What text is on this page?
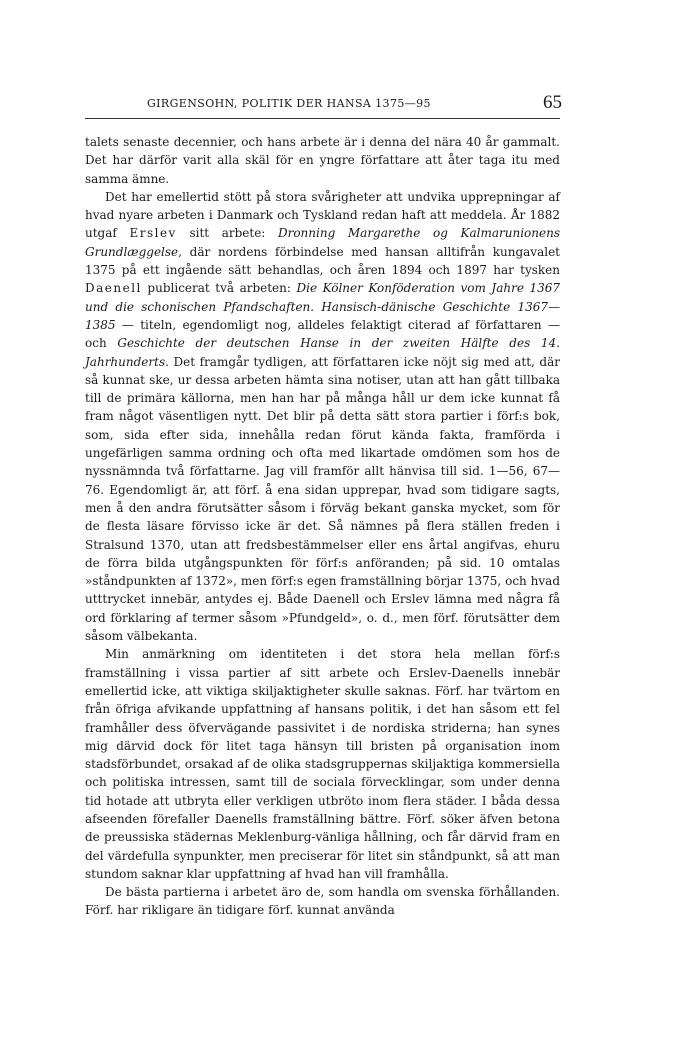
GIRGENSOHN, POLITIK DER HANSA 1375—95	65

talets senaste decennier, och hans arbete är i denna del nära 40 år gammalt. Det har därför varit alla skäl för en yngre författare att åter taga itu med samma ämne.

Det har emellertid stött på stora svårigheter att undvika upprepningar af hvad nyare arbeten i Danmark och Tyskland redan haft att meddela. År 1882 utgaf Erslev sitt arbete: Dronning Margarethe og Kalmarunionens Grundlæggelse, där nordens förbindelse med hansan alltifrån kungavalet 1375 på ett ingående sätt behandlas, och åren 1894 och 1897 har tysken Daenell publicerat två arbeten: Die Kölner Konföderation vom Jahre 1367 und die schonischen Pfandschaften. Hansisch-dänische Geschichte 1367—1385 — titeln, egendomligt nog, alldeles felaktigt citerad af författaren — och Geschichte der deutschen Hanse in der zweiten Hälfte des 14. Jahrhunderts. Det framgår tydligen, att författaren icke nöjt sig med att, där så kunnat ske, ur dessa arbeten hämta sina notiser, utan att han gått tillbaka till de primära källorna, men han har på många håll ur dem icke kunnat få fram något väsentligen nytt. Det blir på detta sätt stora partier i förf:s bok, som, sida efter sida, innehålla redan förut kända fakta, framförda i ungefärligen samma ordning och ofta med likartade omdömen som hos de nyssnämnda två författarne. Jag vill framför allt hänvisa till sid. 1—56, 67—76. Egendomligt är, att förf. å ena sidan upprepar, hvad som tidigare sagts, men å den andra förutsätter såsom i förväg bekant ganska mycket, som för de flesta läsare förvisso icke är det. Så nämnes på flera ställen freden i Stralsund 1370, utan att fredsbestämmelser eller ens årtal angifvas, ehuru de förra bilda utgångspunkten för förf:s anföranden; på sid. 10 omtalas »ståndpunkten af 1372», men förf:s egen framställning börjar 1375, och hvad utttrycket innebär, antydes ej. Både Daenell och Erslev lämna med några få ord förklaring af termer såsom »Pfundgeld», o. d., men förf. förutsätter dem såsom välbekanta.

Min anmärkning om identiteten i det stora hela mellan förf:s framställning i vissa partier af sitt arbete och Erslev-Daenells innebär emellertid icke, att viktiga skiljaktigheter skulle saknas. Förf. har tvärtom en från öfriga afvikande uppfattning af hansans politik, i det han såsom ett fel framhåller dess öfvervägande passivitet i de nordiska striderna; han synes mig därvid dock för litet taga hänsyn till bristen på organisation inom stadsförbundet, orsakad af de olika stadsgruppernas skiljaktiga kommersiella och politiska intressen, samt till de sociala förvecklingar, som under denna tid hotade att utbryta eller verkligen utbröto inom flera städer. I båda dessa afseenden förefaller Daenells framställning bättre. Förf. söker äfven betona de preussiska städernas Meklenburg-vänliga hållning, och får därvid fram en del värdefulla synpunkter, men preciserar för litet sin ståndpunkt, så att man stundom saknar klar uppfattning af hvad han vill framhålla.

De bästa partierna i arbetet äro de, som handla om svenska förhållanden. Förf. har rikligare än tidigare förf. kunnat använda
